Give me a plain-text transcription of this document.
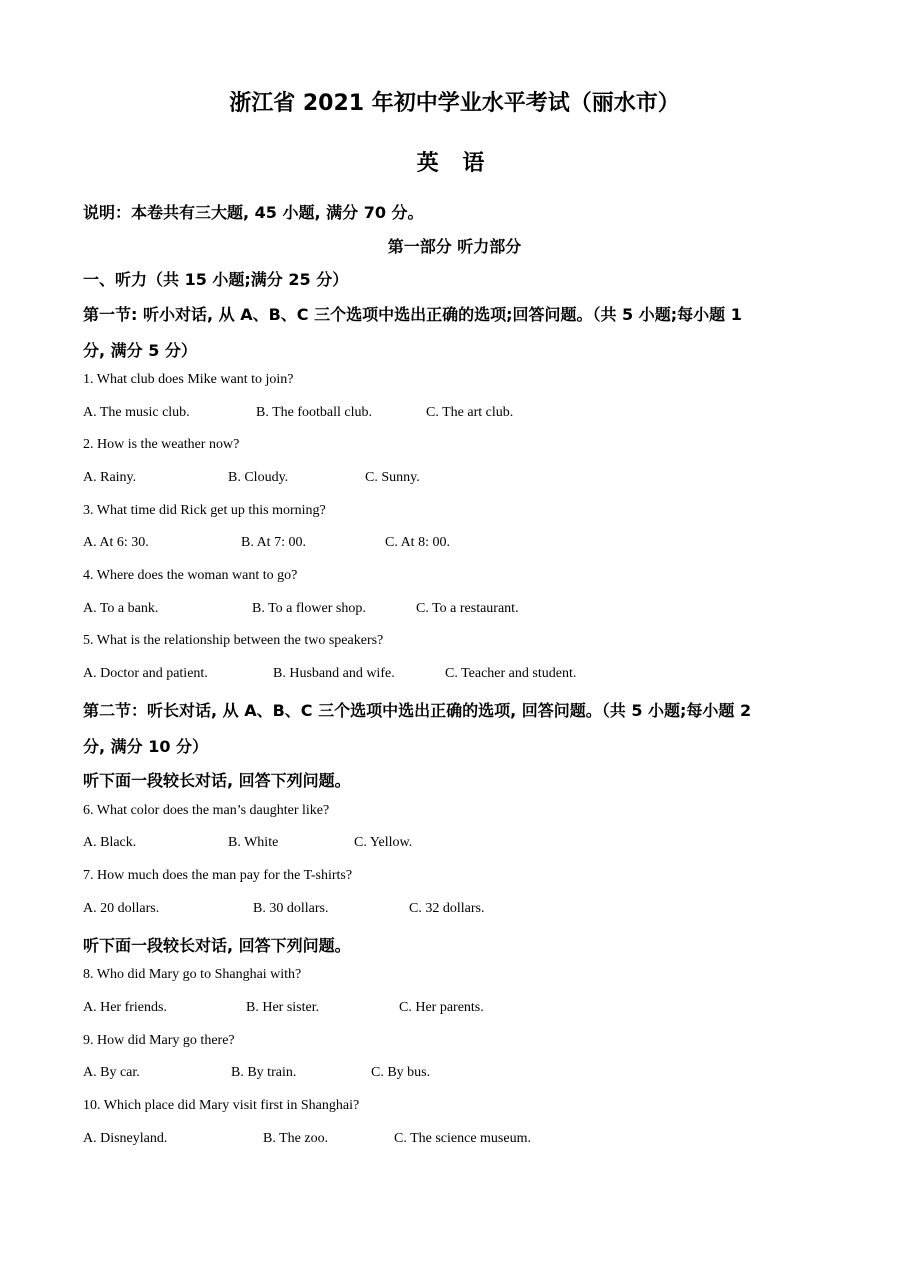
浙江省 2021 年初中学业水平考试（丽水市）
英 语
说明：本卷共有三大题, 45 小题, 满分 70 分。
第一部分 听力部分
一、听力（共 15 小题;满分 25 分）
第一节: 听小对话, 从 A、B、C 三个选项中选出正确的选项;回答问题。（共 5 小题;每小题 1
分, 满分 5 分）
1. What club does Mike want to join?
A. The music club.	B. The football club.	C. The art club.
2. How is the weather now?
A. Rainy.	B. Cloudy.	C. Sunny.
3. What time did Rick get up this morning?
A. At 6: 30.	B. At 7: 00.	C. At 8: 00.
4. Where does the woman want to go?
A. To a bank.	B. To a flower shop.	C. To a restaurant.
5. What is the relationship between the two speakers?
A. Doctor and patient.	B. Husband and wife.	C. Teacher and student.
第二节：听长对话, 从 A、B、C 三个选项中选出正确的选项, 回答问题。（共 5 小题;每小题 2
分, 满分 10 分）
听下面一段较长对话, 回答下列问题。
6. What color does the man’s daughter like?
A. Black.	B. White	C. Yellow.
7. How much does the man pay for the T-shirts?
A. 20 dollars.	B. 30 dollars.	C. 32 dollars.
听下面一段较长对话, 回答下列问题。
8. Who did Mary go to Shanghai with?
A. Her friends.	B. Her sister.	C. Her parents.
9. How did Mary go there?
A. By car.	B. By train.	C. By bus.
10. Which place did Mary visit first in Shanghai?
A. Disneyland.	B. The zoo.	C. The science museum.
